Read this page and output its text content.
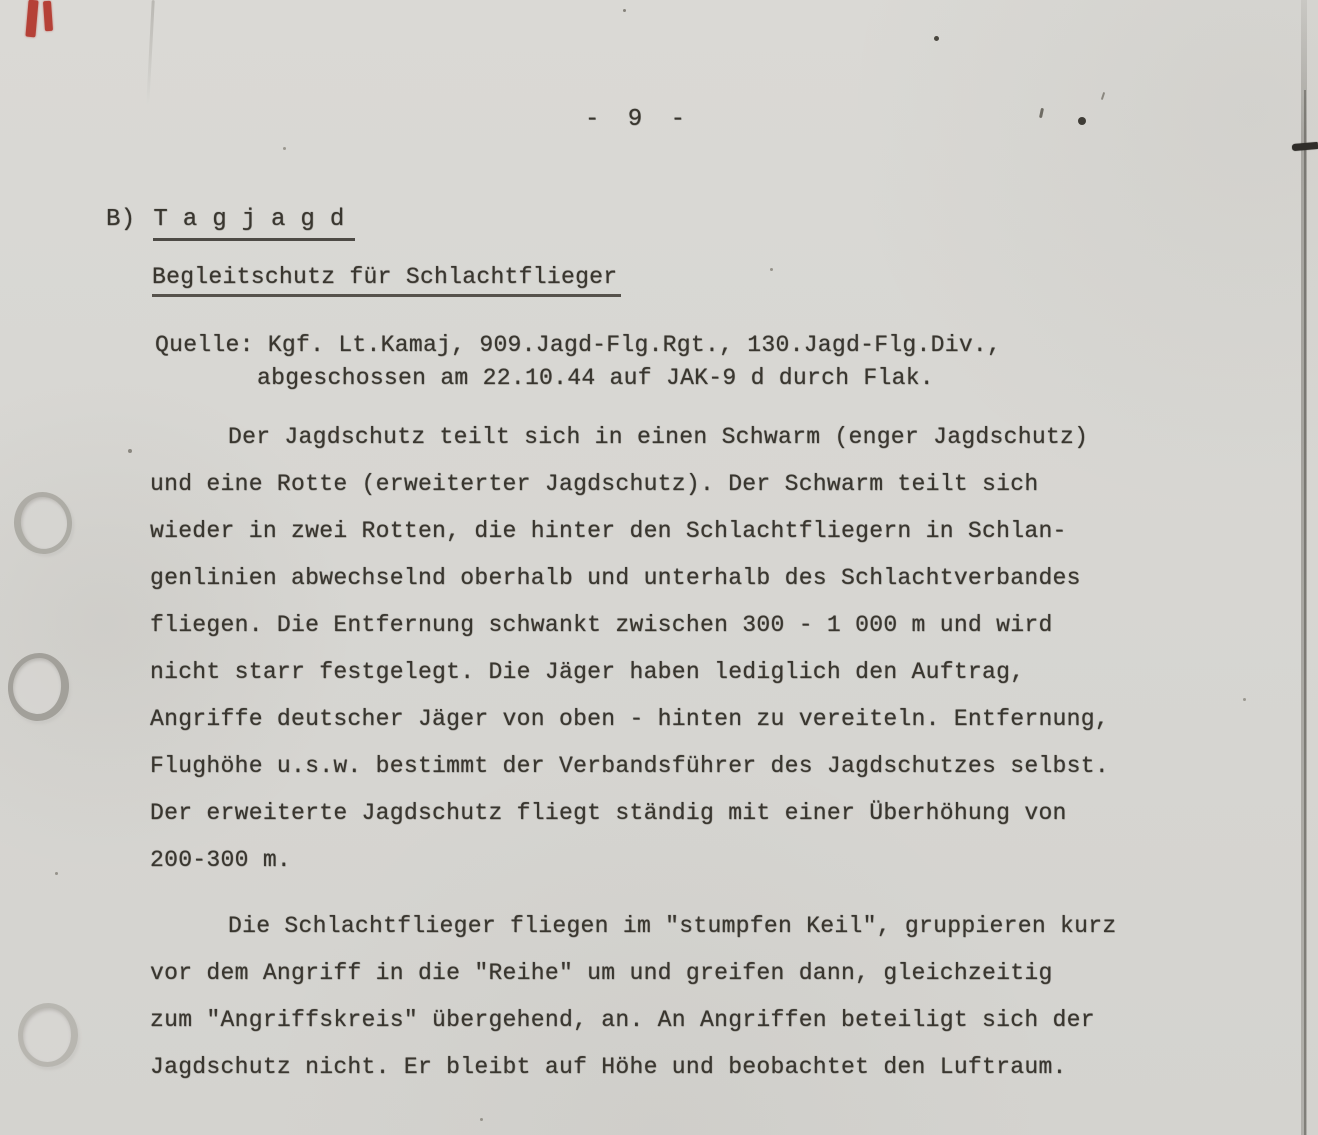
- 9 -
B) T a g j a g d
Begleitschutz für Schlachtflieger
Quelle: Kgf. Lt.Kamaj, 909.Jagd-Flg.Rgt., 130.Jagd-Flg.Div.,
abgeschossen am 22.10.44 auf JAK-9 d durch Flak.
Der Jagdschutz teilt sich in einen Schwarm (enger Jagdschutz)
und eine Rotte (erweiterter Jagdschutz). Der Schwarm teilt sich
wieder in zwei Rotten, die hinter den Schlachtfliegern in Schlan-
genlinien abwechselnd oberhalb und unterhalb des Schlachtverbandes
fliegen. Die Entfernung schwankt zwischen 300 - 1 000 m und wird
nicht starr festgelegt. Die Jäger haben lediglich den Auftrag,
Angriffe deutscher Jäger von oben - hinten zu vereiteln. Entfernung,
Flughöhe u.s.w. bestimmt der Verbandsführer des Jagdschutzes selbst.
Der erweiterte Jagdschutz fliegt ständig mit einer Überhöhung von
200-300 m.
Die Schlachtflieger fliegen im "stumpfen Keil", gruppieren kurz
vor dem Angriff in die "Reihe" um und greifen dann, gleichzeitig
zum "Angriffskreis" übergehend, an. An Angriffen beteiligt sich der
Jagdschutz nicht. Er bleibt auf Höhe und beobachtet den Luftraum.
